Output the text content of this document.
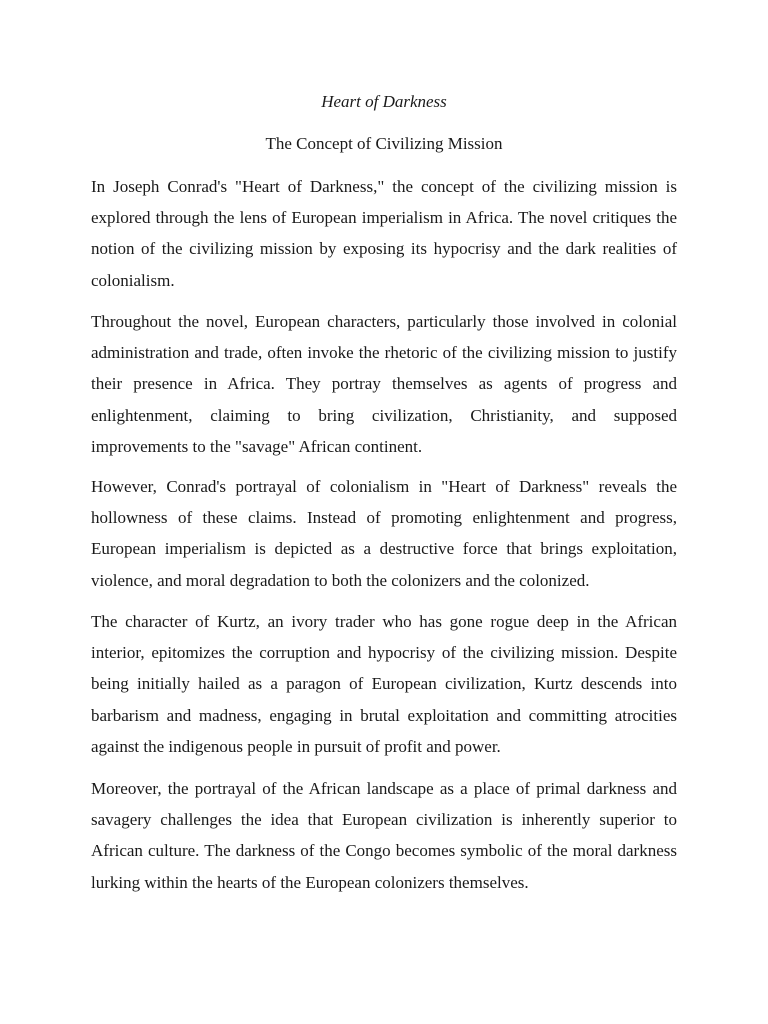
Heart of Darkness
The Concept of Civilizing Mission

In Joseph Conrad's "Heart of Darkness," the concept of the civilizing mission is explored through the lens of European imperialism in Africa. The novel critiques the notion of the civilizing mission by exposing its hypocrisy and the dark realities of colonialism.

Throughout the novel, European characters, particularly those involved in colonial administration and trade, often invoke the rhetoric of the civilizing mission to justify their presence in Africa. They portray themselves as agents of progress and enlightenment, claiming to bring civilization, Christianity, and supposed improvements to the "savage" African continent.

However, Conrad's portrayal of colonialism in "Heart of Darkness" reveals the hollowness of these claims. Instead of promoting enlightenment and progress, European imperialism is depicted as a destructive force that brings exploitation, violence, and moral degradation to both the colonizers and the colonized.

The character of Kurtz, an ivory trader who has gone rogue deep in the African interior, epitomizes the corruption and hypocrisy of the civilizing mission. Despite being initially hailed as a paragon of European civilization, Kurtz descends into barbarism and madness, engaging in brutal exploitation and committing atrocities against the indigenous people in pursuit of profit and power.

Moreover, the portrayal of the African landscape as a place of primal darkness and savagery challenges the idea that European civilization is inherently superior to African culture. The darkness of the Congo becomes symbolic of the moral darkness lurking within the hearts of the European colonizers themselves.
